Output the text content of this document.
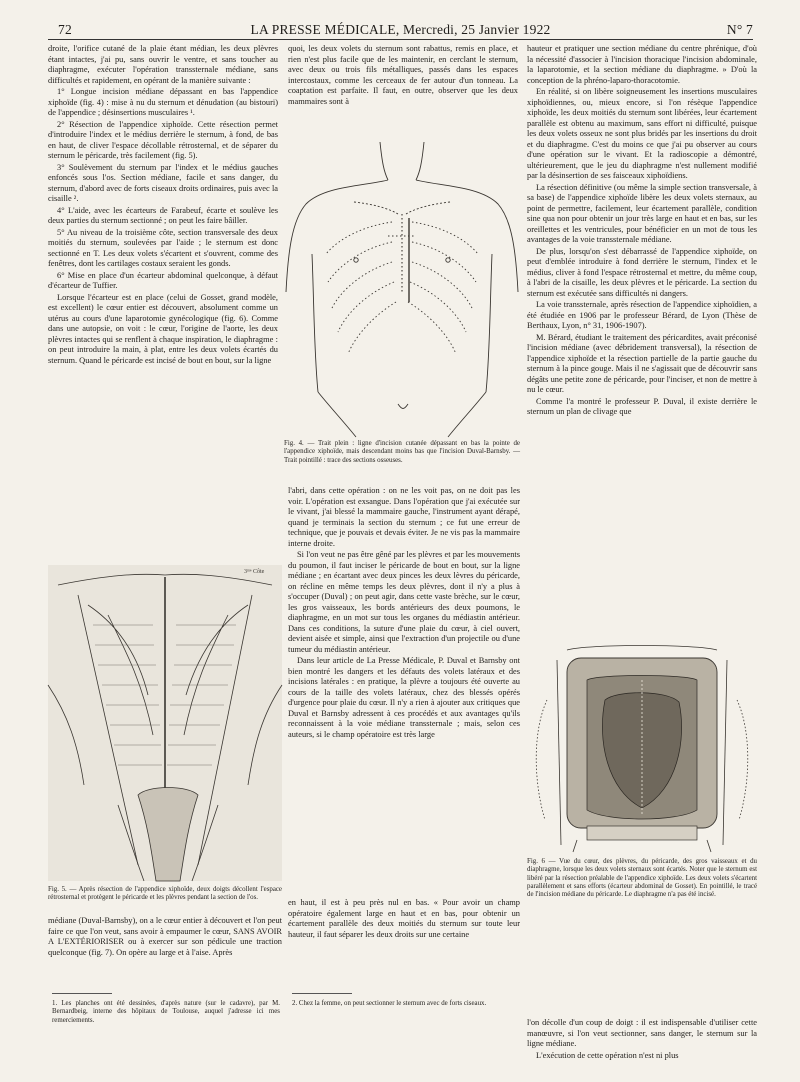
72	LA PRESSE MÉDICALE, Mercredi, 25 Janvier 1922	N° 7

droite, l'orifice cutané de la plaie étant médian, les deux plèvres étant intactes, j'ai pu, sans ouvrir le ventre, et sans toucher au diaphragme, exécuter l'opération transsternale médiane, sans difficultés et rapidement, en opérant de la manière suivante :

1° Longue incision médiane dépassant en bas l'appendice xiphoïde (fig. 4) : mise à nu du sternum et dénudation (au bistouri) de l'appendice ; désinsertions musculaires ¹.

2° Résection de l'appendice xiphoïde. Cette résection permet d'introduire l'index et le médius derrière le sternum, à fond, de bas en haut, de cliver l'espace décollable rétrosternal, et de séparer du sternum le péricarde, très facilement (fig. 5).

3° Soulèvement du sternum par l'index et le médius gauches enfoncés sous l'os. Section médiane, facile et sans danger, du sternum, d'abord avec de forts ciseaux droits ordinaires, puis avec la cisaille ².

4° L'aide, avec les écarteurs de Farabeuf, écarte et soulève les deux parties du sternum sectionné ; on peut les faire bâiller.

5° Au niveau de la troisième côte, section transversale des deux moitiés du sternum, soulevées par l'aide ; le sternum est donc sectionné en T. Les deux volets s'écartent et s'ouvrent, comme des fenêtres, dont les cartilages costaux seraient les gonds.

6° Mise en place d'un écarteur abdominal quelconque, à défaut d'écarteur de Tuffier.

Lorsque l'écarteur est en place (celui de Gosset, grand modèle, est excellent) le cœur entier est découvert, absolument comme un utérus au cours d'une laparotomie gynécologique (fig. 6). Comme dans une autopsie, on voit : le cœur, l'origine de l'aorte, les deux plèvres intactes qui se renflent à chaque inspiration, le diaphragme : on peut introduire la main, à plat, entre les deux volets écartés du sternum. Quand le péricarde est incisé de bout en bout, sur la ligne

quoi, les deux volets du sternum sont rabattus, remis en place, et rien n'est plus facile que de les maintenir, en cerclant le sternum, avec deux ou trois fils métalliques, passés dans les espaces intercostaux, comme les cerceaux de fer autour d'un tonneau. La coaptation est parfaite. Il faut, en outre, observer que les deux mammaires sont à

Fig. 4. — Trait plein : ligne d'incision cutanée dépassant en bas la pointe de l'appendice xiphoïde, mais descendant moins bas que l'incision Duval-Barnsby. — Trait pointillé : trace des sections osseuses.

l'abri, dans cette opération : on ne les voit pas, on ne doit pas les voir. L'opération est exsangue. Dans l'opération que j'ai exécutée sur le vivant, j'ai blessé la mammaire gauche, l'instrument ayant dérapé, quand je terminais la section du sternum ; ce fut une erreur de technique, que je pouvais et devais éviter. Je ne vis pas la mammaire interne droite.

Si l'on veut ne pas être gêné par les plèvres et par les mouvements du poumon, il faut inciser le péricarde de bout en bout, sur la ligne médiane ; en écartant avec deux pinces les deux lèvres du péricarde, on récline en même temps les deux plèvres, dont il n'y a plus à s'occuper (Duval) ; on peut agir, dans cette vaste brèche, sur le cœur, les gros vaisseaux, les bords antérieurs des deux poumons, le diaphragme, en un mot sur tous les organes du médiastin antérieur. Dans ces conditions, la suture d'une plaie du cœur, à ciel ouvert, devient aisée et simple, ainsi que l'extraction d'un projectile ou d'une tumeur du médiastin antérieur.

Dans leur article de La Presse Médicale, P. Duval et Barnsby ont bien montré les dangers et les défauts des volets latéraux et des incisions latérales : en pratique, la plèvre a toujours été ouverte au cours de la taille des volets latéraux, chez des blessés opérés d'urgence pour plaie du cœur. Il n'y a rien à ajouter aux critiques que Duval et Barnsby adressent à ces procédés et aux avantages qu'ils reconnaissent à la voie médiane transsternale ; mais, selon ces auteurs, si le champ opératoire est très large

3ᵐᵉ Côte
Fig. 5. — Après résection de l'appendice xiphoïde, deux doigts décollent l'espace rétrosternal et protègent le péricarde et les plèvres pendant la section de l'os.

médiane (Duval-Barnsby), on a le cœur entier à découvert et l'on peut faire ce que l'on veut, sans avoir à empaumer le cœur, SANS AVOIR A L'EXTÉRIORISER ou à exercer sur son pédicule une traction quelconque (fig. 7). On opère au large et à l'aise. Après

en haut, il est à peu près nul en bas. « Pour avoir un champ opératoire également large en haut et en bas, pour obtenir un écartement parallèle des deux moitiés du sternum sur toute leur hauteur, il faut séparer les deux droits sur une certaine

hauteur et pratiquer une section médiane du centre phrénique, d'où la nécessité d'associer à l'incision thoracique l'incision abdominale, la laparotomie, et la section médiane du diaphragme. » D'où la conception de la phréno-laparo-thoracotomie.

En réalité, si on libère soigneusement les insertions musculaires xiphoïdiennes, ou, mieux encore, si l'on résèque l'appendice xiphoïde, les deux moitiés du sternum sont libérées, leur écartement parallèle est obtenu au maximum, sans effort ni difficulté, puisque les deux volets osseux ne sont plus bridés par les insertions du droit et du diaphragme. C'est du moins ce que j'ai pu observer au cours d'une opération sur le vivant. Et la radioscopie a démontré, ultérieurement, que le jeu du diaphragme n'est nullement modifié par la désinsertion de ses faisceaux xiphoïdiens.

La résection définitive (ou même la simple section transversale, à sa base) de l'appendice xiphoïde libère les deux volets sternaux, au point de permettre, facilement, leur écartement parallèle, condition sine qua non pour obtenir un jour très large en haut et en bas, sur les oreillettes et les ventricules, pour bénéficier en un mot de tous les avantages de la voie transsternale médiane.

De plus, lorsqu'on s'est débarrassé de l'appendice xiphoïde, on peut d'emblée introduire à fond derrière le sternum, l'index et le médius, cliver à fond l'espace rétrosternal et mettre, du même coup, à l'abri de la cisaille, les deux plèvres et le péricarde. La section du sternum est exécutée sans difficultés ni dangers.

La voie transsternale, après résection de l'appendice xiphoïdien, a été étudiée en 1906 par le professeur Bérard, de Lyon (Thèse de Berthaux, Lyon, n° 31, 1906-1907).

M. Bérard, étudiant le traitement des péricardites, avait préconisé l'incision médiane (avec débridement transversal), la résection de l'appendice xiphoïde et la résection partielle de la partie gauche du sternum à la pince gouge. Mais il ne s'agissait que de découvrir sans dégâts une petite zone de péricarde, pour l'inciser, et non de mettre à nu le cœur.

Comme l'a montré le professeur P. Duval, il existe derrière le sternum un plan de clivage que

Fig. 6 — Vue du cœur, des plèvres, du péricarde, des gros vaisseaux et du diaphragme, lorsque les deux volets sternaux sont écartés. Noter que le sternum est libéré par la résection préalable de l'appendice xiphoïde. Les deux volets s'écartent parallèlement et sans efforts (écarteur abdominal de Gosset). En pointillé, le tracé de l'incision médiane du péricarde. Le diaphragme n'a pas été incisé.

l'on décolle d'un coup de doigt : il est indispensable d'utiliser cette manœuvre, si l'on veut sectionner, sans danger, le sternum sur la ligne médiane.

L'exécution de cette opération n'est ni plus

1. Les planches ont été dessinées, d'après nature (sur le cadavre), par M. Bernardbeig, interne des hôpitaux de Toulouse, auquel j'adresse ici mes remerciements.
2. Chez la femme, on peut sectionner le sternum avec de forts ciseaux.
